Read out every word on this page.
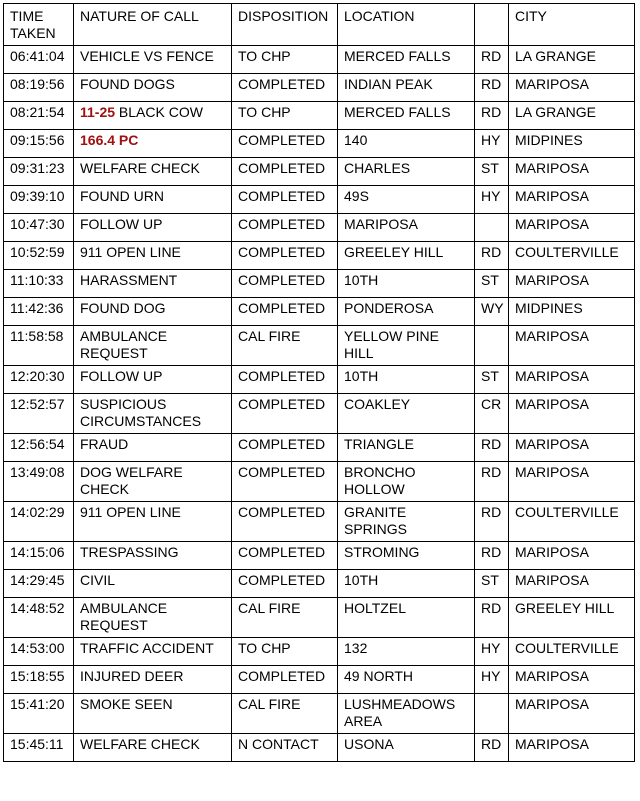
TIME TAKEN	NATURE OF CALL	DISPOSITION	LOCATION		CITY
06:41:04	VEHICLE VS FENCE	TO CHP	MERCED FALLS	RD	LA GRANGE
08:19:56	FOUND DOGS	COMPLETED	INDIAN PEAK	RD	MARIPOSA
08:21:54	11-25 BLACK COW	TO CHP	MERCED FALLS	RD	LA GRANGE
09:15:56	166.4 PC	COMPLETED	140	HY	MIDPINES
09:31:23	WELFARE CHECK	COMPLETED	CHARLES	ST	MARIPOSA
09:39:10	FOUND URN	COMPLETED	49S	HY	MARIPOSA
10:47:30	FOLLOW UP	COMPLETED	MARIPOSA		MARIPOSA
10:52:59	911 OPEN LINE	COMPLETED	GREELEY HILL	RD	COULTERVILLE
11:10:33	HARASSMENT	COMPLETED	10TH	ST	MARIPOSA
11:42:36	FOUND DOG	COMPLETED	PONDEROSA	WY	MIDPINES
11:58:58	AMBULANCE REQUEST	CAL FIRE	YELLOW PINE HILL		MARIPOSA
12:20:30	FOLLOW UP	COMPLETED	10TH	ST	MARIPOSA
12:52:57	SUSPICIOUS CIRCUMSTANCES	COMPLETED	COAKLEY	CR	MARIPOSA
12:56:54	FRAUD	COMPLETED	TRIANGLE	RD	MARIPOSA
13:49:08	DOG WELFARE CHECK	COMPLETED	BRONCHO HOLLOW	RD	MARIPOSA
14:02:29	911 OPEN LINE	COMPLETED	GRANITE SPRINGS	RD	COULTERVILLE
14:15:06	TRESPASSING	COMPLETED	STROMING	RD	MARIPOSA
14:29:45	CIVIL	COMPLETED	10TH	ST	MARIPOSA
14:48:52	AMBULANCE REQUEST	CAL FIRE	HOLTZEL	RD	GREELEY HILL
14:53:00	TRAFFIC ACCIDENT	TO CHP	132	HY	COULTERVILLE
15:18:55	INJURED DEER	COMPLETED	49 NORTH	HY	MARIPOSA
15:41:20	SMOKE SEEN	CAL FIRE	LUSHMEADOWS AREA		MARIPOSA
15:45:11	WELFARE CHECK	N CONTACT	USONA	RD	MARIPOSA
